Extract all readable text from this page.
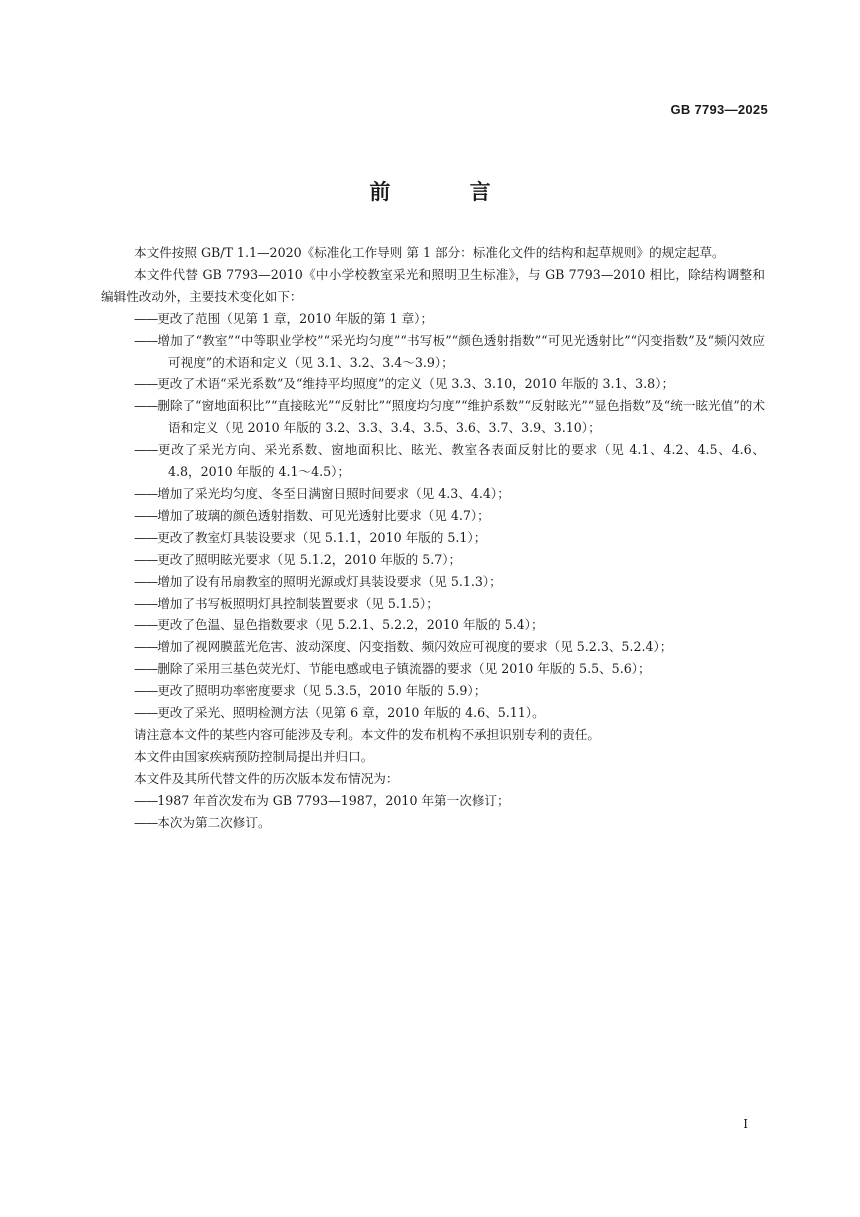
GB 7793—2025
前 言

本文件按照 GB/T 1.1—2020《标准化工作导则 第 1 部分：标准化文件的结构和起草规则》的规定起草。

本文件代替 GB 7793—2010《中小学校教室采光和照明卫生标准》，与 GB 7793—2010 相比，除结构调整和编辑性改动外，主要技术变化如下：

——更改了范围（见第 1 章，2010 年版的第 1 章）；
——增加了“教室”“中等职业学校”“采光均匀度”“书写板”“颜色透射指数”“可见光透射比”“闪变指数”及“频闪效应可视度”的术语和定义（见 3.1、3.2、3.4～3.9）；
——更改了术语“采光系数”及“维持平均照度”的定义（见 3.3、3.10，2010 年版的 3.1、3.8）；
——删除了“窗地面积比”“直接眩光”“反射比”“照度均匀度”“维护系数”“反射眩光”“显色指数”及“统一眩光值”的术语和定义（见 2010 年版的 3.2、3.3、3.4、3.5、3.6、3.7、3.9、3.10）；
——更改了采光方向、采光系数、窗地面积比、眩光、教室各表面反射比的要求（见 4.1、4.2、4.5、4.6、4.8，2010 年版的 4.1～4.5）；
——增加了采光均匀度、冬至日满窗日照时间要求（见 4.3、4.4）；
——增加了玻璃的颜色透射指数、可见光透射比要求（见 4.7）；
——更改了教室灯具装设要求（见 5.1.1，2010 年版的 5.1）；
——更改了照明眩光要求（见 5.1.2，2010 年版的 5.7）；
——增加了设有吊扇教室的照明光源或灯具装设要求（见 5.1.3）；
——增加了书写板照明灯具控制装置要求（见 5.1.5）；
——更改了色温、显色指数要求（见 5.2.1、5.2.2，2010 年版的 5.4）；
——增加了视网膜蓝光危害、波动深度、闪变指数、频闪效应可视度的要求（见 5.2.3、5.2.4）；
——删除了采用三基色荧光灯、节能电感或电子镇流器的要求（见 2010 年版的 5.5、5.6）；
——更改了照明功率密度要求（见 5.3.5，2010 年版的 5.9）；
——更改了采光、照明检测方法（见第 6 章，2010 年版的 4.6、5.11）。

请注意本文件的某些内容可能涉及专利。本文件的发布机构不承担识别专利的责任。

本文件由国家疾病预防控制局提出并归口。

本文件及其所代替文件的历次版本发布情况为：

——1987 年首次发布为 GB 7793—1987，2010 年第一次修订；
——本次为第二次修订。
I
